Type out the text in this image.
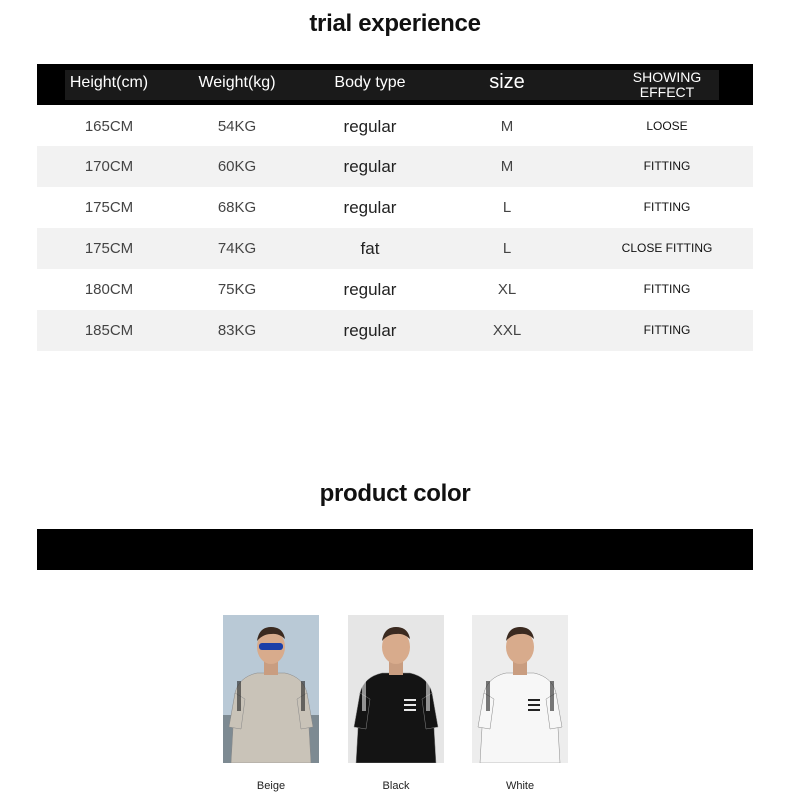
trial experience
Height(cm)	Weight(kg)	Body type	size	SHOWING
EFFECT
165CM	54KG	regular	M	LOOSE
170CM	60KG	regular	M	FITTING
175CM	68KG	regular	L	FITTING
175CM	74KG	fat	L	CLOSE FITTING
180CM	75KG	regular	XL	FITTING
185CM	83KG	regular	XXL	FITTING
product color
Beige	Black	White
